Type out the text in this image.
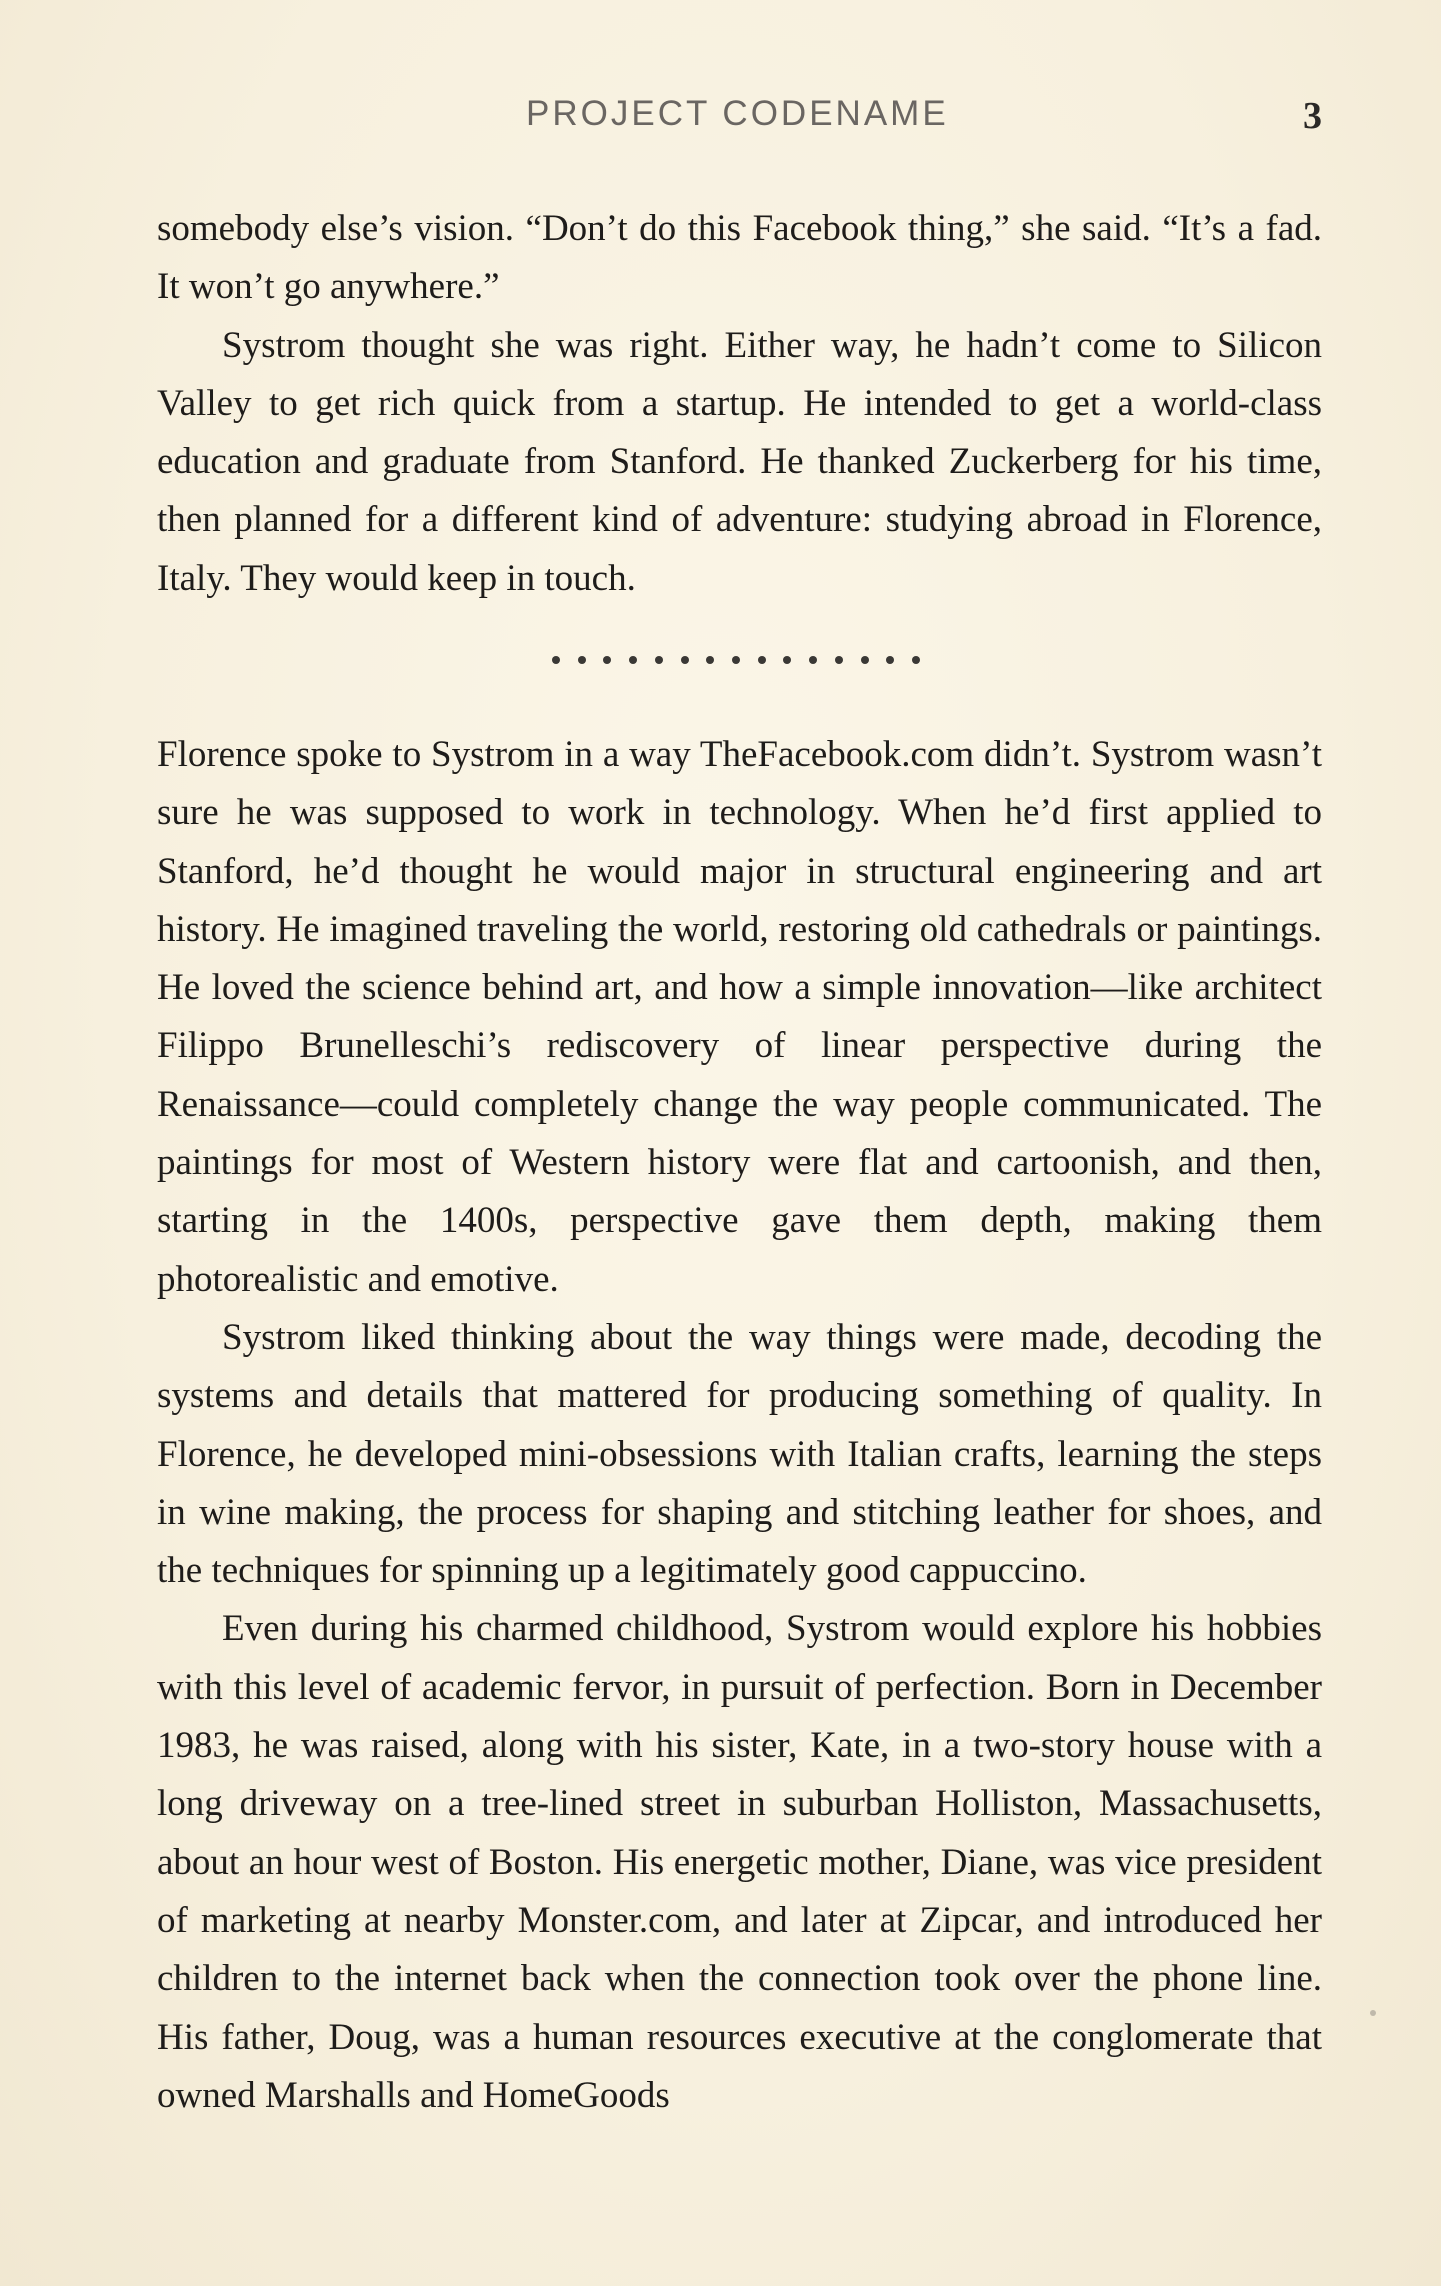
PROJECT CODENAME	3

somebody else’s vision. “Don’t do this Facebook thing,” she said. “It’s a fad. It won’t go anywhere.”

Systrom thought she was right. Either way, he hadn’t come to Silicon Valley to get rich quick from a startup. He intended to get a world-class education and graduate from Stanford. He thanked Zuckerberg for his time, then planned for a different kind of adventure: studying abroad in Florence, Italy. They would keep in touch.

Florence spoke to Systrom in a way TheFacebook.com didn’t. Systrom wasn’t sure he was supposed to work in technology. When he’d first applied to Stanford, he’d thought he would major in structural engineering and art history. He imagined traveling the world, restoring old cathedrals or paintings. He loved the science behind art, and how a simple innovation—like architect Filippo Brunelleschi’s rediscovery of linear perspective during the Renaissance—could completely change the way people communicated. The paintings for most of Western history were flat and cartoonish, and then, starting in the 1400s, perspective gave them depth, making them photorealistic and emotive.

Systrom liked thinking about the way things were made, decoding the systems and details that mattered for producing something of quality. In Florence, he developed mini-obsessions with Italian crafts, learning the steps in wine making, the process for shaping and stitching leather for shoes, and the techniques for spinning up a legitimately good cappuccino.

Even during his charmed childhood, Systrom would explore his hobbies with this level of academic fervor, in pursuit of perfection. Born in December 1983, he was raised, along with his sister, Kate, in a two-story house with a long driveway on a tree-lined street in suburban Holliston, Massachusetts, about an hour west of Boston. His energetic mother, Diane, was vice president of marketing at nearby Monster.com, and later at Zipcar, and introduced her children to the internet back when the connection took over the phone line. His father, Doug, was a human resources executive at the conglomerate that owned Marshalls and HomeGoods
